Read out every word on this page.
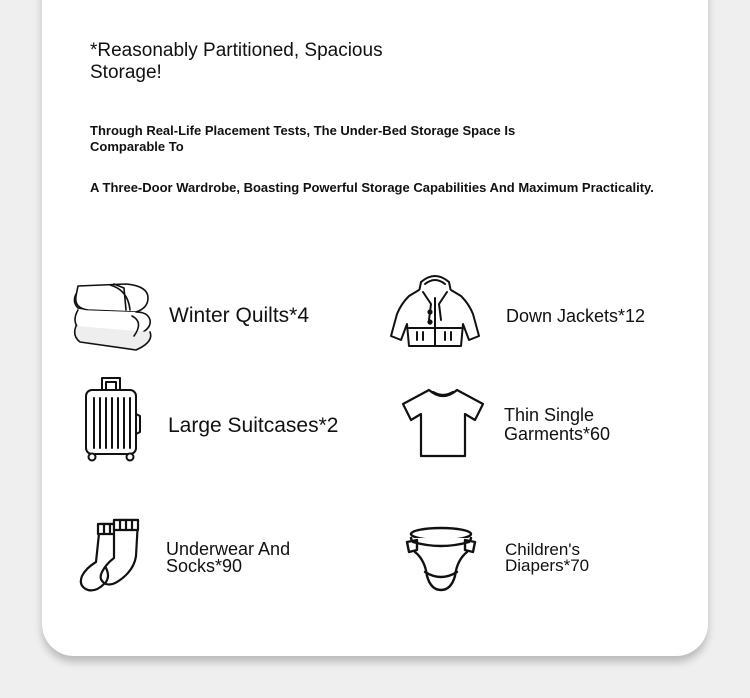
*Reasonably Partitioned, Spacious Storage!

Through Real-Life Placement Tests, The Under-Bed Storage Space Is Comparable To

A Three-Door Wardrobe, Boasting Powerful Storage Capabilities And Maximum Practicality.

Winter Quilts*4	Down Jackets*12

Large Suitcases*2	Thin Single Garments*60

Underwear And Socks*90

Children's Diapers*70
